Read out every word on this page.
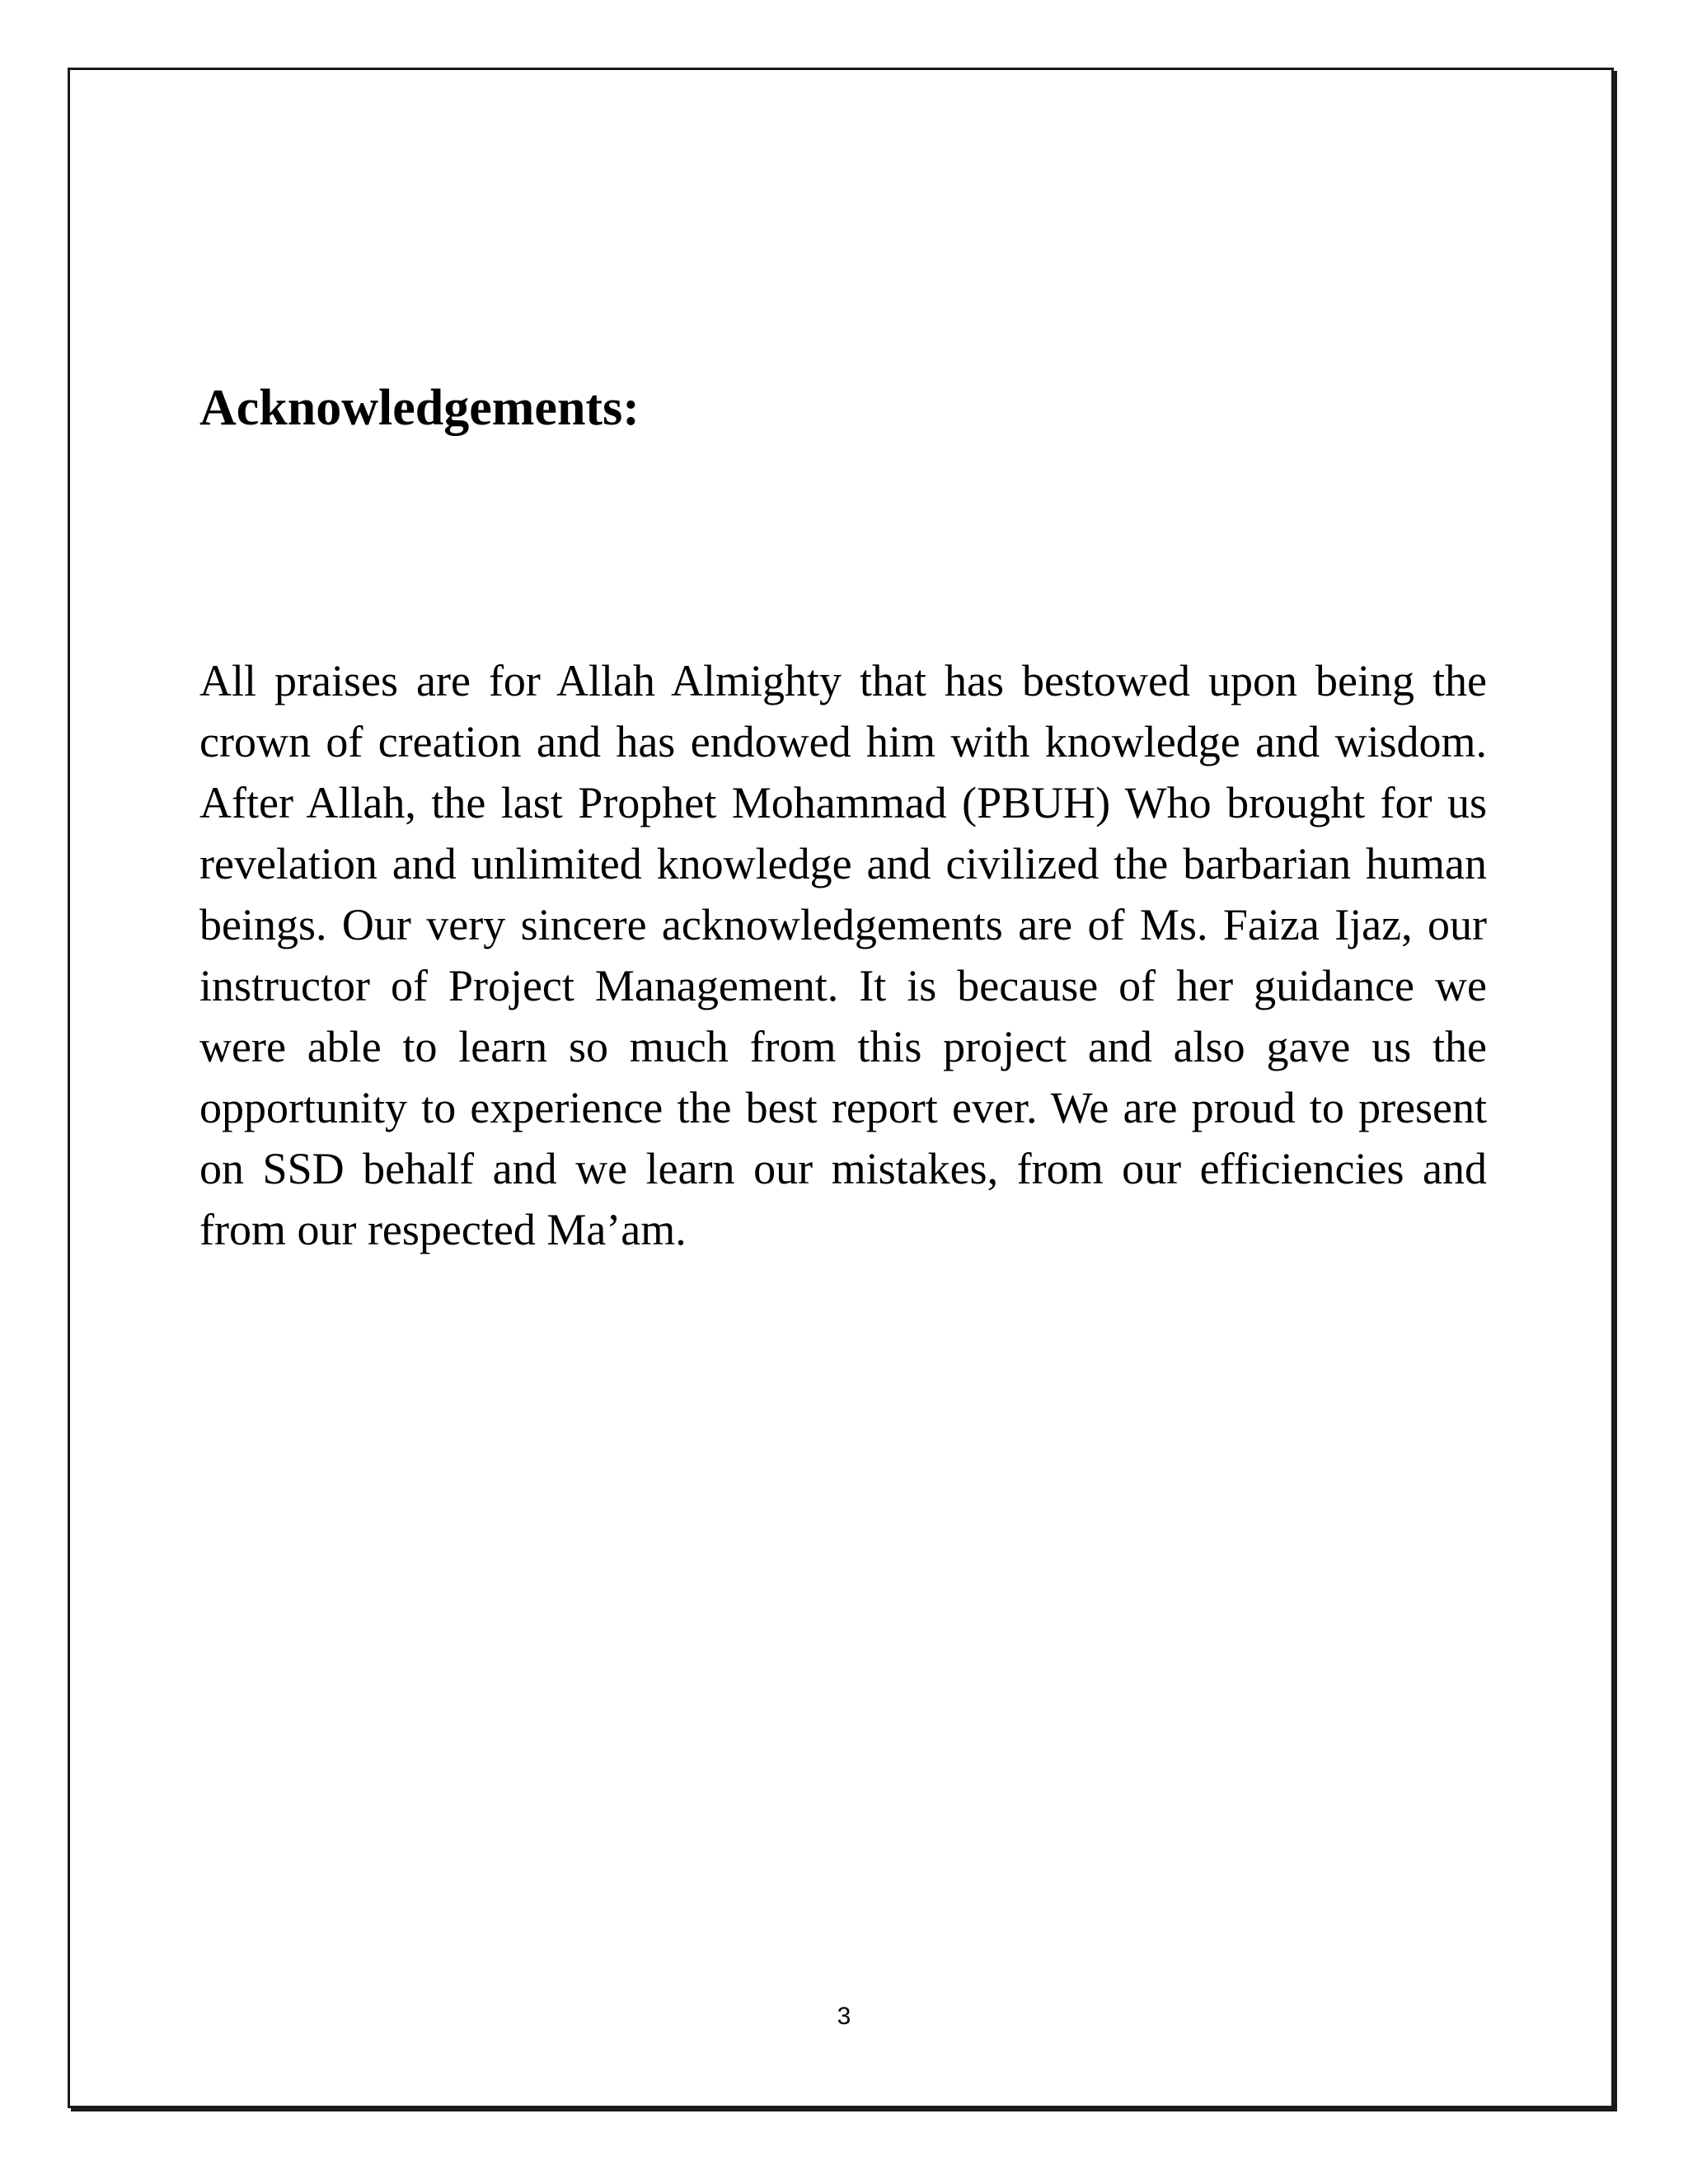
Acknowledgements:

All praises are for Allah Almighty that has bestowed upon being the crown of creation and has endowed him with knowledge and wisdom. After Allah, the last Prophet Mohammad (PBUH) Who brought for us revelation and unlimited knowledge and civilized the barbarian human beings. Our very sincere acknowledgements are of Ms. Faiza Ijaz, our instructor of Project Management. It is because of her guidance we were able to learn so much from this project and also gave us the opportunity to experience the best report ever. We are proud to present on SSD behalf and we learn our mistakes, from our efficiencies and from our respected Ma’am.

3
